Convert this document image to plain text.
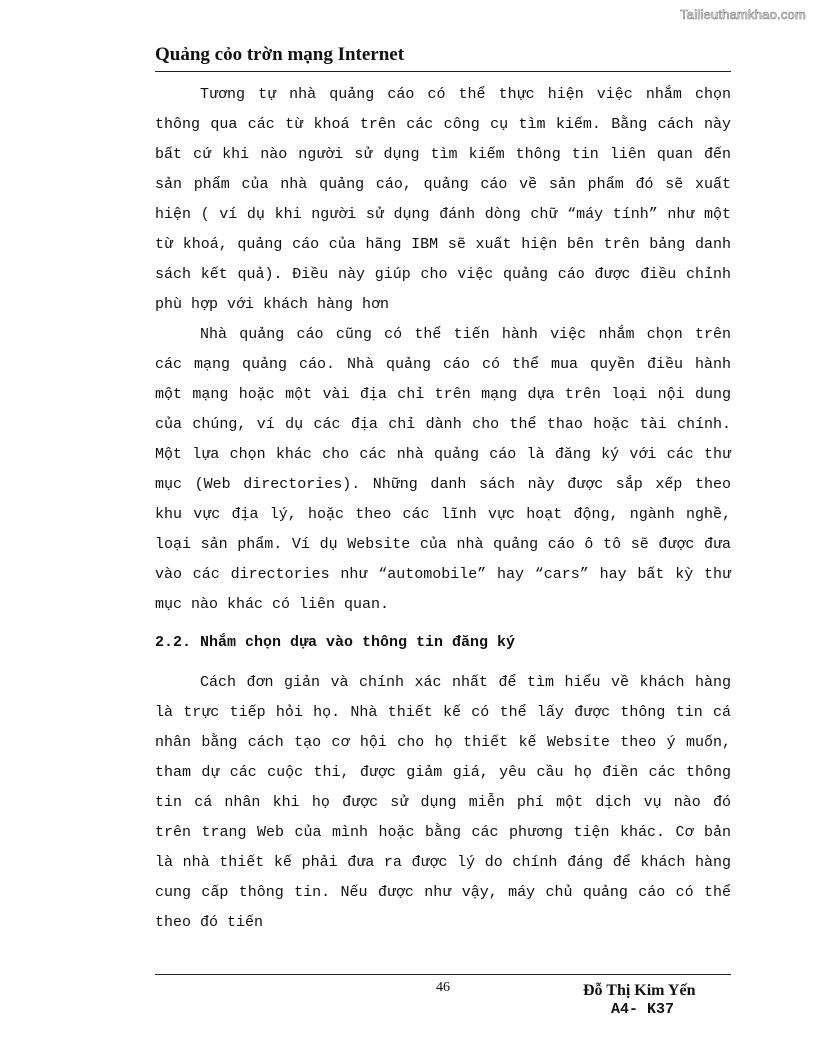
Tailieuthamkhao.com
Quảng cỏo trờn mạng Internet

Tương tự nhà quảng cáo có thể thực hiện việc nhắm chọn thông qua các từ khoá trên các công cụ tìm kiếm. Bằng cách này bất cứ khi nào người sử dụng tìm kiếm thông tin liên quan đến sản phẩm của nhà quảng cáo, quảng cáo về sản phẩm đó sẽ xuất hiện ( ví dụ khi người sử dụng đánh dòng chữ “máy tính” như một từ khoá, quảng cáo của hãng IBM sẽ xuất hiện bên trên bảng danh sách kết quả). Điều này giúp cho việc quảng cáo được điều chỉnh phù hợp với khách hàng hơn

Nhà quảng cáo cũng có thể tiến hành việc nhắm chọn trên các mạng quảng cáo. Nhà quảng cáo có thể mua quyền điều hành một mạng hoặc một vài địa chỉ trên mạng dựa trên loại nội dung của chúng, ví dụ các địa chỉ dành cho thể thao hoặc tài chính. Một lựa chọn khác cho các nhà quảng cáo là đăng ký với các thư mục (Web directories). Những danh sách này được sắp xếp theo khu vực địa lý, hoặc theo các lĩnh vực hoạt động, ngành nghề, loại sản phẩm. Ví dụ Website của nhà quảng cáo ô tô sẽ được đưa vào các directories như “automobile” hay “cars” hay bất kỳ thư mục nào khác có liên quan.

2.2. Nhắm chọn dựa vào thông tin đăng ký

Cách đơn giản và chính xác nhất để tìm hiểu về khách hàng là trực tiếp hỏi họ. Nhà thiết kế có thể lấy được thông tin cá nhân bằng cách tạo cơ hội cho họ thiết kế Website theo ý muốn, tham dự các cuộc thi, được giảm giá, yêu cầu họ điền các thông tin cá nhân khi họ được sử dụng miễn phí một dịch vụ nào đó trên trang Web của mình hoặc bằng các phương tiện khác. Cơ bản là nhà thiết kế phải đưa ra được lý do chính đáng để khách hàng cung cấp thông tin. Nếu được như vậy, máy chủ quảng cáo có thể theo đó tiến

46	Đỗ Thị Kim Yến
A4- K37
